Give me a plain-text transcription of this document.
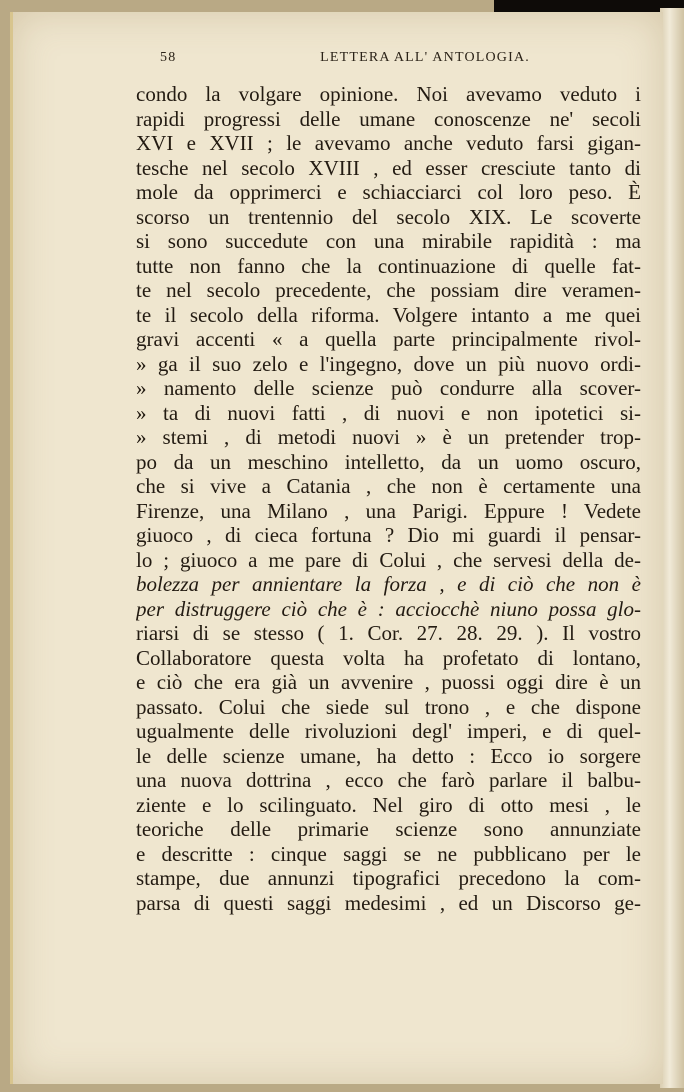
58	LETTERA ALL' ANTOLOGIA.
condo la volgare opinione. Noi avevamo veduto i
rapidi progressi delle umane conoscenze ne' secoli
XVI e XVII ; le avevamo anche veduto farsi gigan-
tesche nel secolo XVIII , ed esser cresciute tanto di
mole da opprimerci e schiacciarci col loro peso. È
scorso un trentennio del secolo XIX. Le scoverte
si sono succedute con una mirabile rapidità : ma
tutte non fanno che la continuazione di quelle fat-
te nel secolo precedente, che possiam dire veramen-
te il secolo della riforma. Volgere intanto a me quei
gravi accenti « a quella parte principalmente rivol-
» ga il suo zelo e l'ingegno, dove un più nuovo ordi-
» namento delle scienze può condurre alla scover-
» ta di nuovi fatti , di nuovi e non ipotetici si-
» stemi , di metodi nuovi » è un pretender trop-
po da un meschino intelletto, da un uomo oscuro,
che si vive a Catania , che non è certamente una
Firenze, una Milano , una Parigi. Eppure ! Vedete
giuoco , di cieca fortuna ? Dio mi guardi il pensar-
lo ; giuoco a me pare di Colui , che servesi della de-
bolezza per annientare la forza , e di ciò che non è
per distruggere ciò che è : acciocchè niuno possa glo-
riarsi di se stesso ( 1. Cor. 27. 28. 29. ). Il vostro
Collaboratore questa volta ha profetato di lontano,
e ciò che era già un avvenire , puossi oggi dire è un
passato. Colui che siede sul trono , e che dispone
ugualmente delle rivoluzioni degl' imperi, e di quel-
le delle scienze umane, ha detto : Ecco io sorgere
una nuova dottrina , ecco che farò parlare il balbu-
ziente e lo scilinguato. Nel giro di otto mesi , le
teoriche delle primarie scienze sono annunziate
e descritte : cinque saggi se ne pubblicano per le
stampe, due annunzi tipografici precedono la com-
parsa di questi saggi medesimi , ed un Discorso ge-
